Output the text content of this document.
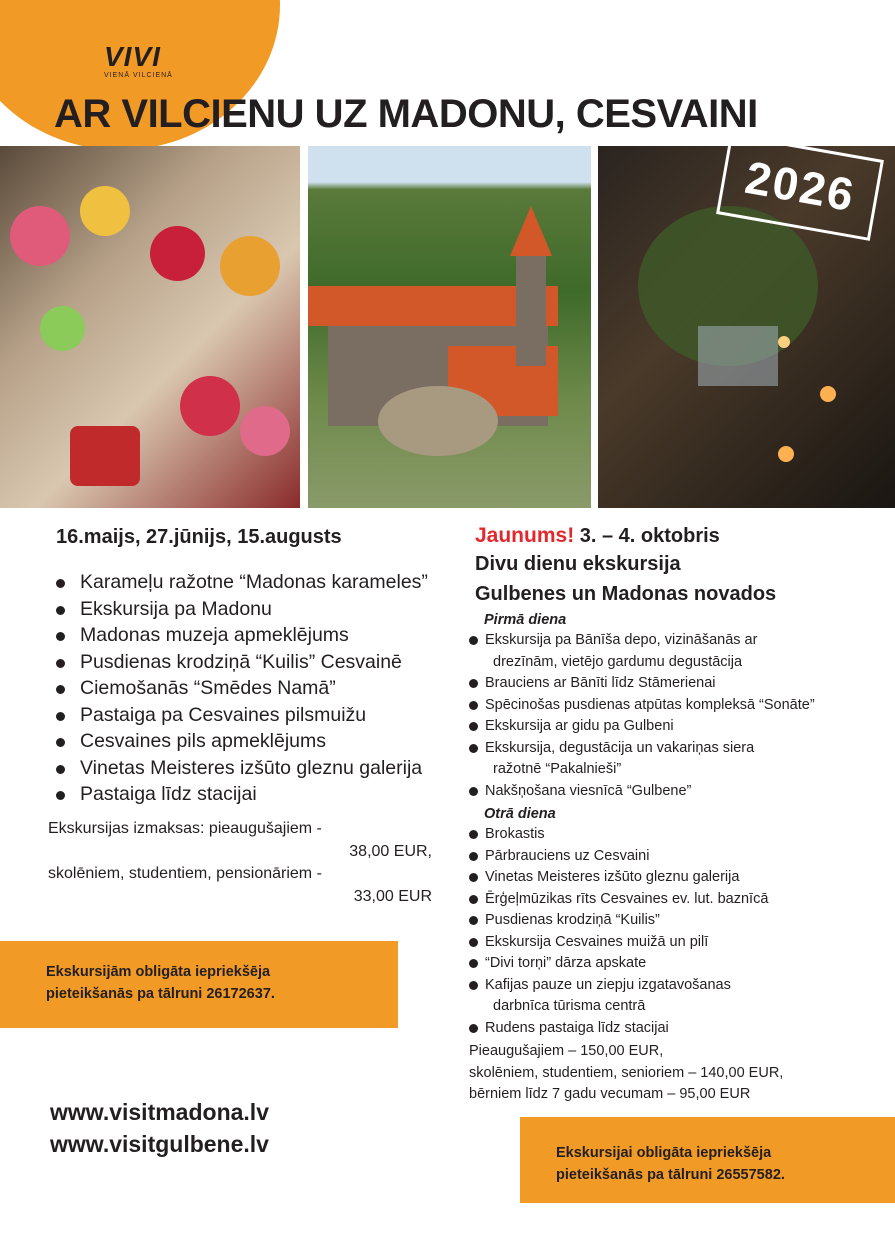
VIVI
VIENĀ VILCIENĀ
AR VILCIENU UZ MADONU, CESVAINI
2026
16.maijs, 27.jūnijs, 15.augusts
Karameļu ražotne “Madonas karameles”
Ekskursija pa Madonu
Madonas muzeja apmeklējums
Pusdienas krodziņā “Kuilis” Cesvainē
Ciemošanās “Smēdes Namā”
Pastaiga pa Cesvaines pilsmuižu
Cesvaines pils apmeklējums
Vinetas Meisteres izšūto gleznu galerija
Pastaiga līdz stacijai
Ekskursijas izmaksas: pieaugušajiem -
38,00 EUR,
skolēniem, studentiem, pensionāriem -
33,00 EUR
Ekskursijām obligāta iepriekšēja
pieteikšanās pa tālruni 26172637.
www.visitmadona.lv
www.visitgulbene.lv
Jaunums! 3. – 4. oktobris
Divu dienu ekskursija
Gulbenes un Madonas novados
Pirmā diena
Ekskursija pa Bānīša depo, vizināšanās ar
drezīnām, vietējo gardumu degustācija
Brauciens ar Bānīti līdz Stāmerienai
Spēcinošas pusdienas atpūtas kompleksā “Sonāte”
Ekskursija ar gidu pa Gulbeni
Ekskursija, degustācija un vakariņas siera
ražotnē “Pakalnieši”
Nakšņošana viesnīcā “Gulbene”
Otrā diena
Brokastis
Pārbrauciens uz Cesvaini
Vinetas Meisteres izšūto gleznu galerija
Ērģeļmūzikas rīts Cesvaines ev. lut. baznīcā
Pusdienas krodziņā “Kuilis”
Ekskursija Cesvaines muižā un pilī
“Divi torņi” dārza apskate
Kafijas pauze un ziepju izgatavošanas
darbnīca tūrisma centrā
Rudens pastaiga līdz stacijai
Pieaugušajiem – 150,00 EUR,
skolēniem, studentiem, senioriem – 140,00 EUR,
bērniem līdz 7 gadu vecumam – 95,00 EUR
Ekskursijai obligāta iepriekšēja
pieteikšanās pa tālruni 26557582.
